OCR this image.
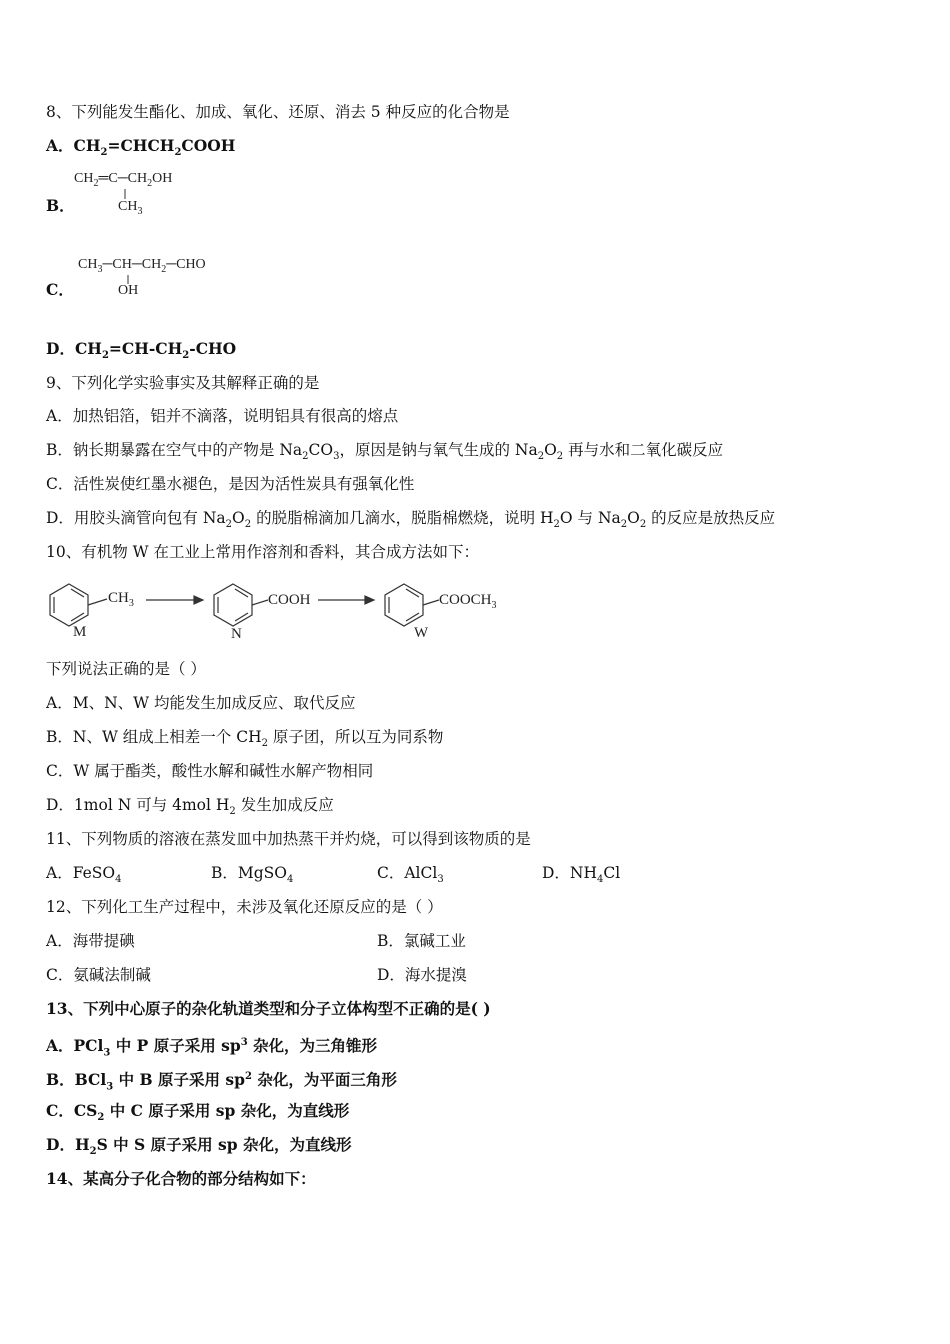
8、下列能发生酯化、加成、氧化、还原、消去 5 种反应的化合物是
A．$CH_2=CHCH_2COOH$
B．
$CH_2═C─CH_2OH$
$CH_3$
C．
$CH_3─CH─CH_2─CHO$
OH
D．$CH_2=CH-CH_2$-CHO
9、下列化学实验事实及其解释正确的是
A．加热铝箔，铝并不滴落，说明铝具有很高的熔点
B．钠长期暴露在空气中的产物是 $Na_2CO_3$，原因是钠与氧气生成的 $Na_2O_2$ 再与水和二氧化碳反应
C．活性炭使红墨水褪色，是因为活性炭具有强氧化性
D．用胶头滴管向包有 $Na_2O_2$ 的脱脂棉滴加几滴水，脱脂棉燃烧，说明 $H_2O$ 与 $Na_2O_2$ 的反应是放热反应
10、有机物 W 在工业上常用作溶剂和香料，其合成方法如下：
$CH_3$
M
COOH
N
$COOCH_3$
W
下列说法正确的是（ ）
A．M、N、W 均能发生加成反应、取代反应
B．N、W 组成上相差一个 $CH_2$ 原子团，所以互为同系物
C．W 属于酯类，酸性水解和碱性水解产物相同
D．1mol N 可与 4mol $H_2$ 发生加成反应
11、下列物质的溶液在蒸发皿中加热蒸干并灼烧，可以得到该物质的是
A．FeSO$_4$	B．MgSO$_4$	C．AlCl$_3$	D．$NH_4Cl$
12、下列化工生产过程中，未涉及氧化还原反应的是（ ）
A．海带提碘	B．氯碱工业
C．氨碱法制碱	D．海水提溴
13、下列中心原子的杂化轨道类型和分子立体构型不正确的是( )
A．PCl$_3$ 中 P 原子采用 $sp^3$ 杂化，为三角锥形
B．BCl$_3$ 中 B 原子采用 $sp^2$ 杂化，为平面三角形
C．$CS_2$ 中 C 原子采用 sp 杂化，为直线形
D．$H_2S$ 中 S 原子采用 sp 杂化，为直线形
14、某高分子化合物的部分结构如下：
